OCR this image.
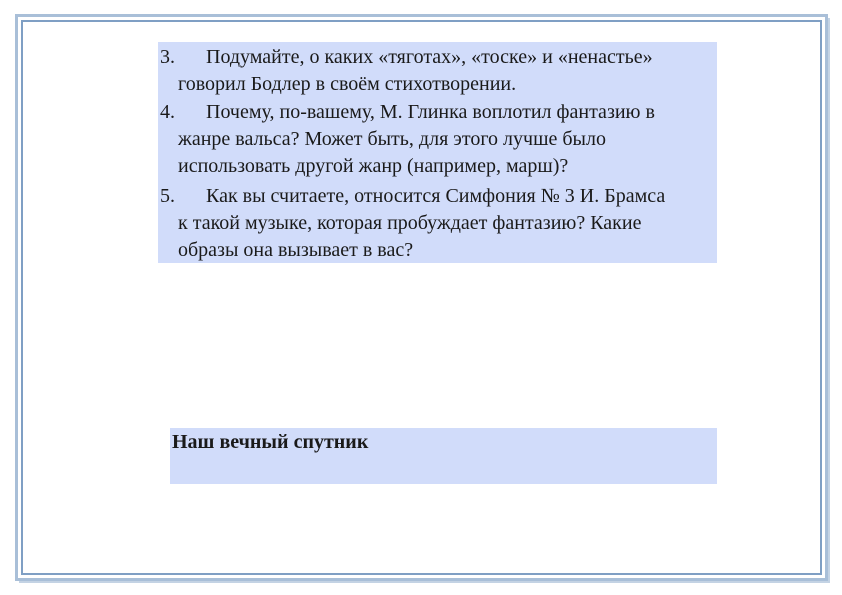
3. Подумайте, о каких «тяготах», «тоске» и «ненастье»
говорил Бодлер в своём стихотворении.
4. Почему, по-вашему, М. Глинка воплотил фантазию в
жанре вальса? Может быть, для этого лучше было
использовать другой жанр (например, марш)?
5. Как вы считаете, относится Симфония № 3 И. Брамса
к такой музыке, которая пробуждает фантазию? Какие
образы она вызывает в вас?
Наш вечный спутник
